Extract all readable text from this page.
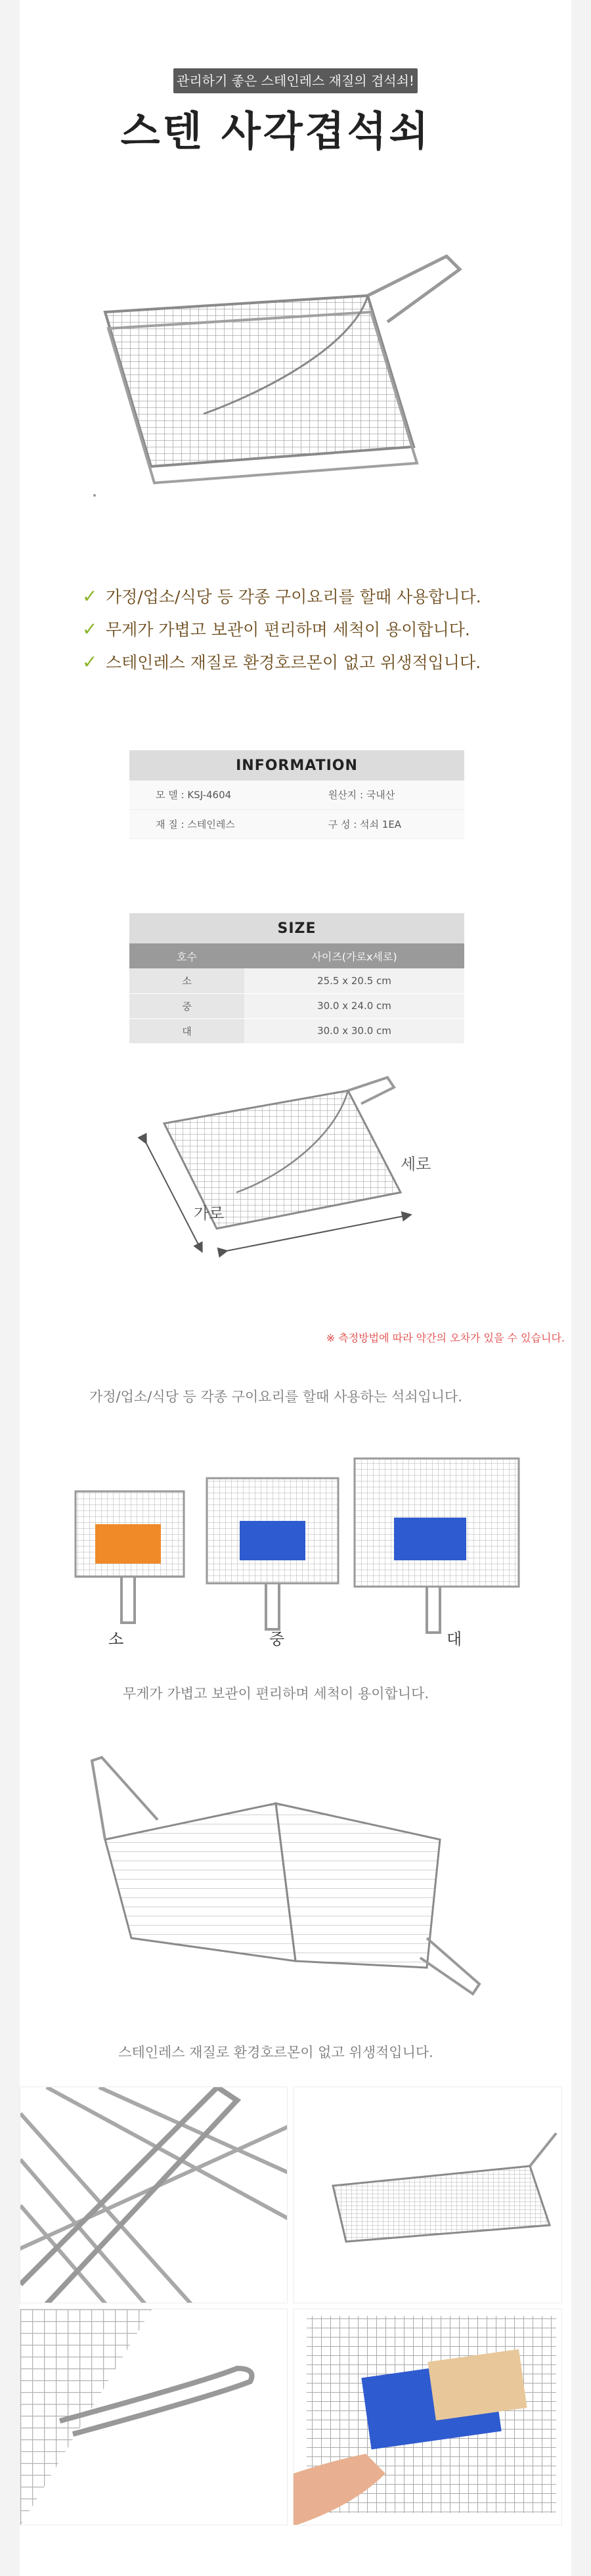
관리하기 좋은 스테인레스 재질의 겹석쇠!
스텐 사각겹석쇠
✓ 가정/업소/식당 등 각종 구이요리를 할때 사용합니다.
✓ 무게가 가볍고 보관이 편리하며 세척이 용이합니다.
✓ 스테인레스 재질로 환경호르몬이 없고 위생적입니다.
INFORMATION	
모 델 : KSJ-4604	원산지 : 국내산
재 질 : 스테인레스	구 성 : 석쇠 1EA
SIZE	
호수	사이즈(가로x세로)
소	25.5 x 20.5 cm
중	30.0 x 24.0 cm
대	30.0 x 30.0 cm
가로
세로
※ 측정방법에 따라 약간의 오차가 있을 수 있습니다.
가정/업소/식당 등 각종 구이요리를 할때 사용하는 석쇠입니다.
소	중	대
무게가 가볍고 보관이 편리하며 세척이 용이합니다.
스테인레스 재질로 환경호르몬이 없고 위생적입니다.
